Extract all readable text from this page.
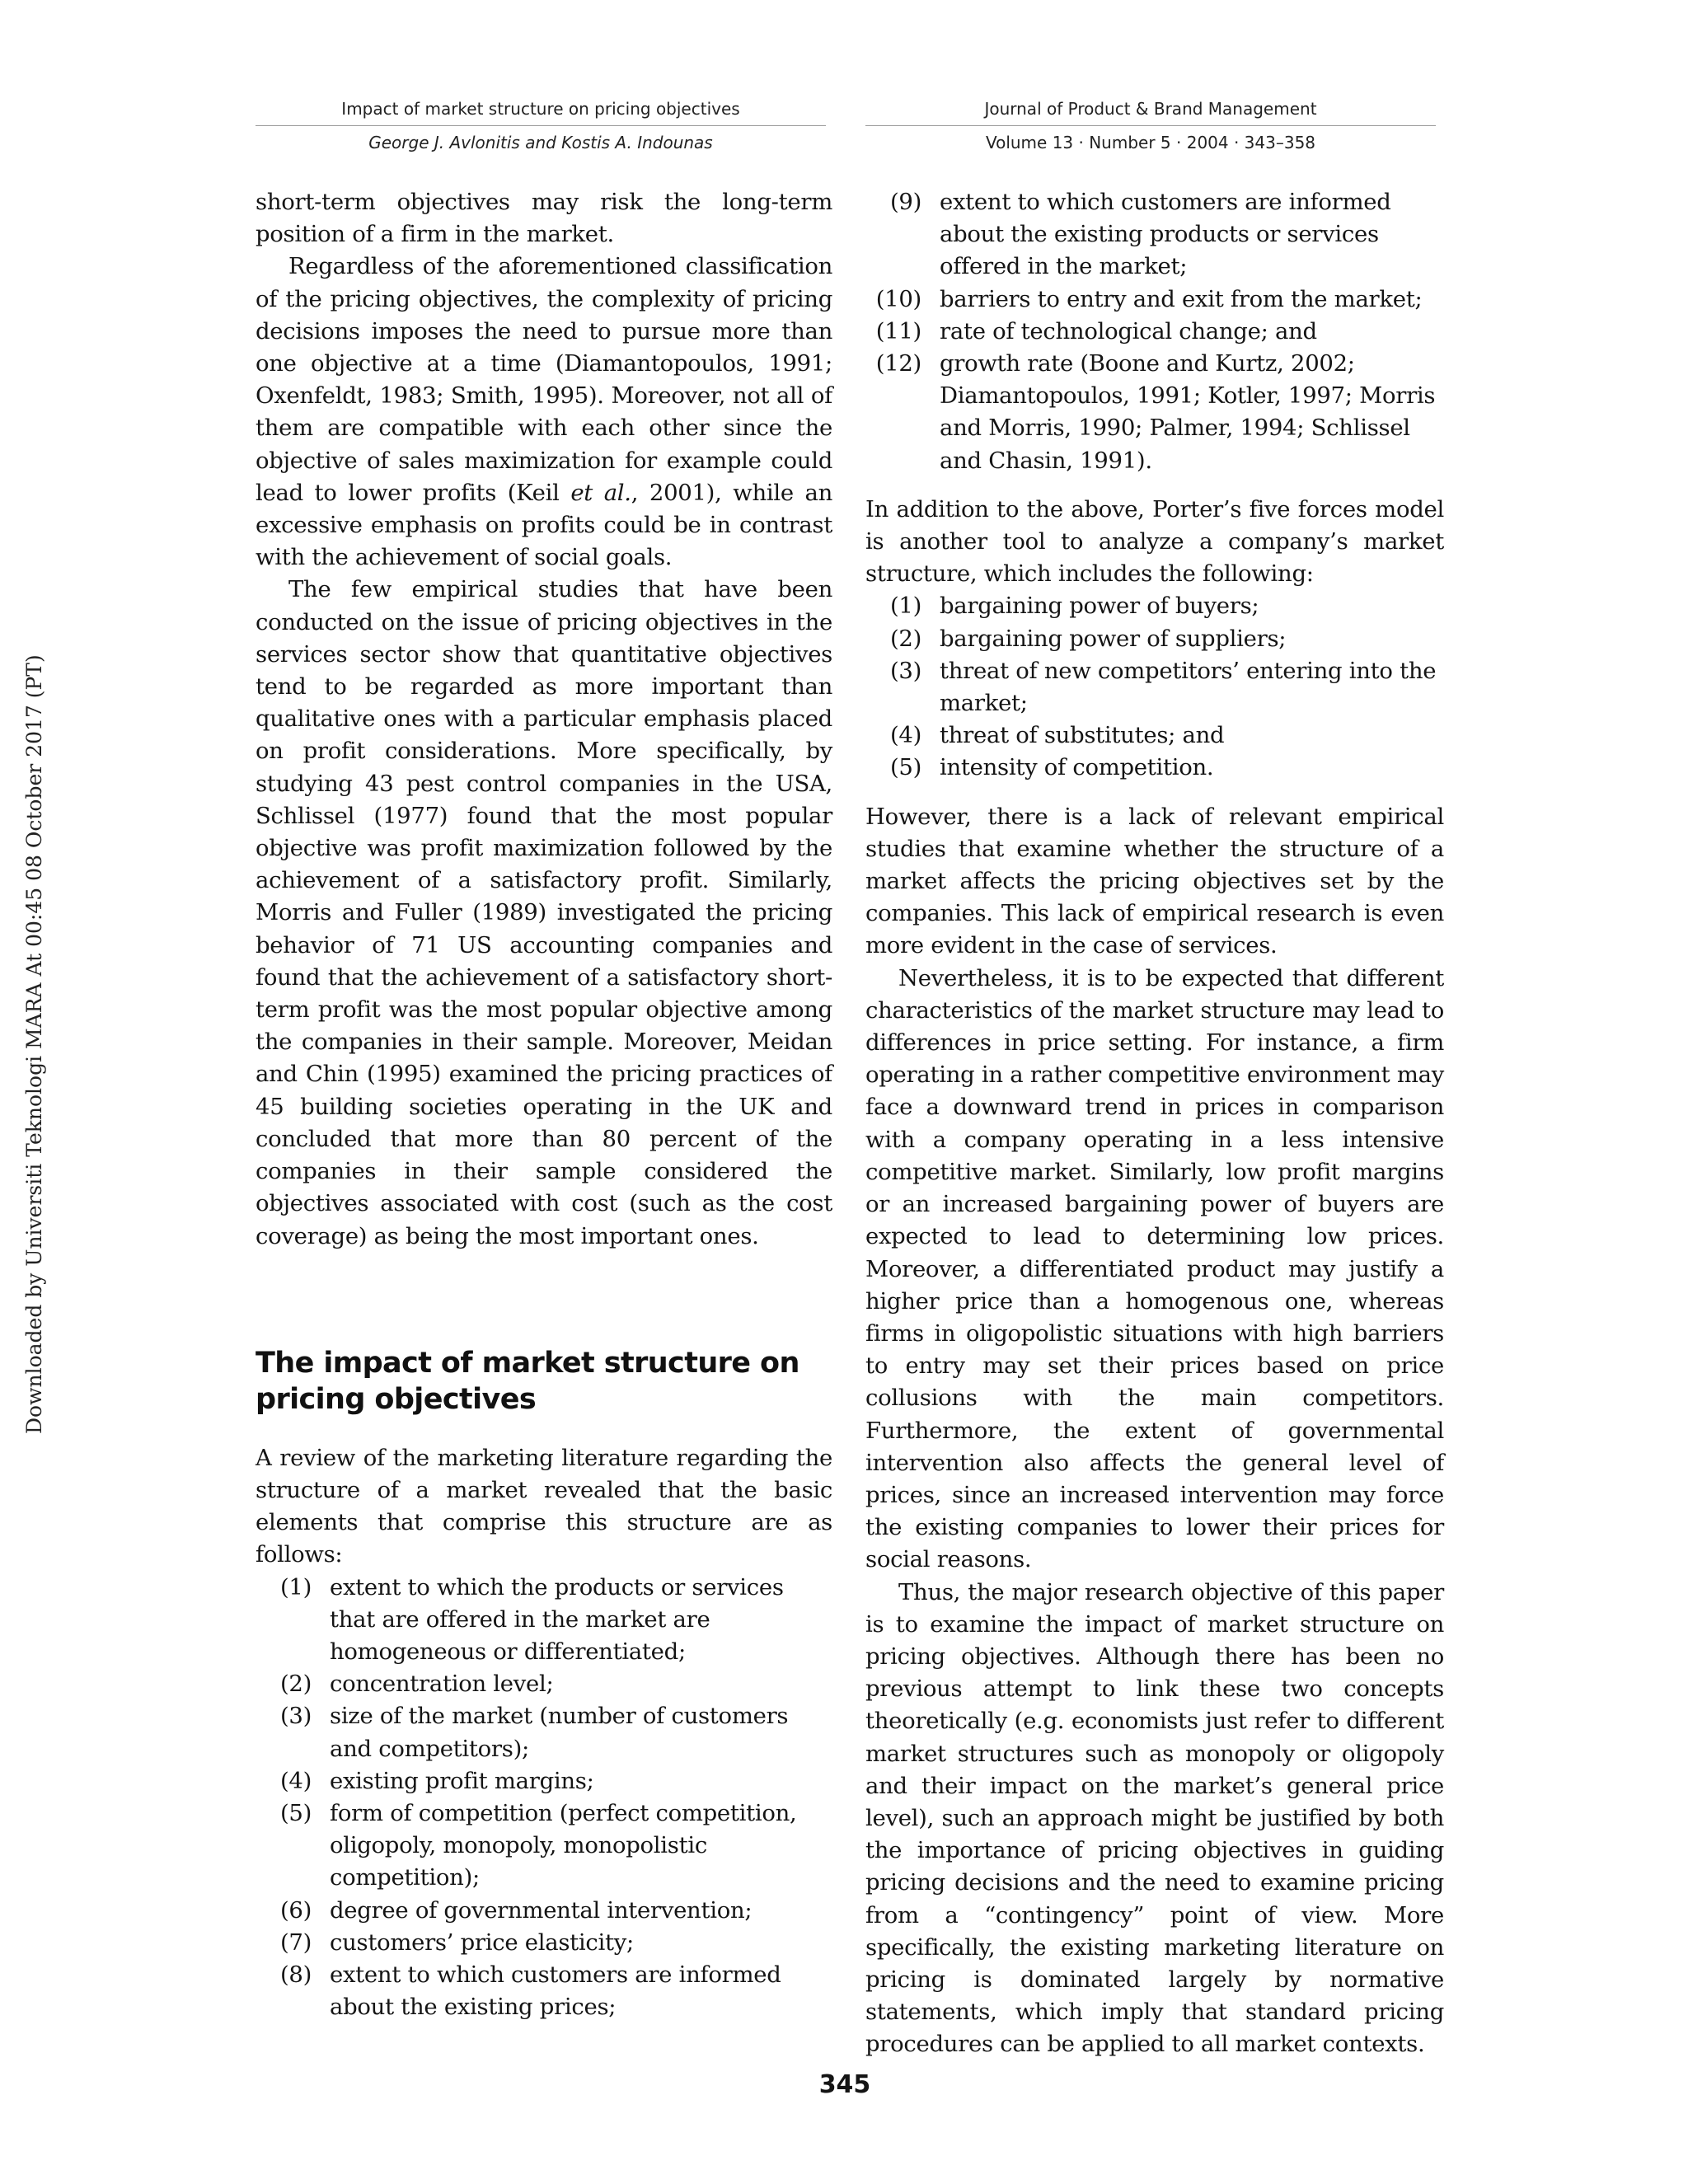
Impact of market structure on pricing objectives
George J. Avlonitis and Kostis A. Indounas
Journal of Product & Brand Management
Volume 13 · Number 5 · 2004 · 343–358
Downloaded by Universiti Teknologi MARA At 00:45 08 October 2017 (PT)

short-term objectives may risk the long-term position of a firm in the market.

Regardless of the aforementioned classification of the pricing objectives, the complexity of pricing decisions imposes the need to pursue more than one objective at a time (Diamantopoulos, 1991; Oxenfeldt, 1983; Smith, 1995). Moreover, not all of them are compatible with each other since the objective of sales maximization for example could lead to lower profits (Keil et al., 2001), while an excessive emphasis on profits could be in contrast with the achievement of social goals.

The few empirical studies that have been conducted on the issue of pricing objectives in the services sector show that quantitative objectives tend to be regarded as more important than qualitative ones with a particular emphasis placed on profit considerations. More specifically, by studying 43 pest control companies in the USA, Schlissel (1977) found that the most popular objective was profit maximization followed by the achievement of a satisfactory profit. Similarly, Morris and Fuller (1989) investigated the pricing behavior of 71 US accounting companies and found that the achievement of a satisfactory short-term profit was the most popular objective among the companies in their sample. Moreover, Meidan and Chin (1995) examined the pricing practices of 45 building societies operating in the UK and concluded that more than 80 percent of the companies in their sample considered the objectives associated with cost (such as the cost coverage) as being the most important ones.

The impact of market structure on pricing objectives

A review of the marketing literature regarding the structure of a market revealed that the basic elements that comprise this structure are as follows:

(1) extent to which the products or services that are offered in the market are homogeneous or differentiated;
(2) concentration level;
(3) size of the market (number of customers and competitors);
(4) existing profit margins;
(5) form of competition (perfect competition, oligopoly, monopoly, monopolistic competition);
(6) degree of governmental intervention;
(7) customers’ price elasticity;
(8) extent to which customers are informed about the existing prices;
(9) extent to which customers are informed about the existing products or services offered in the market;
(10) barriers to entry and exit from the market;
(11) rate of technological change; and
(12) growth rate (Boone and Kurtz, 2002; Diamantopoulos, 1991; Kotler, 1997; Morris and Morris, 1990; Palmer, 1994; Schlissel and Chasin, 1991).

In addition to the above, Porter’s five forces model is another tool to analyze a company’s market structure, which includes the following:

(1) bargaining power of buyers;
(2) bargaining power of suppliers;
(3) threat of new competitors’ entering into the market;
(4) threat of substitutes; and
(5) intensity of competition.

However, there is a lack of relevant empirical studies that examine whether the structure of a market affects the pricing objectives set by the companies. This lack of empirical research is even more evident in the case of services.

Nevertheless, it is to be expected that different characteristics of the market structure may lead to differences in price setting. For instance, a firm operating in a rather competitive environment may face a downward trend in prices in comparison with a company operating in a less intensive competitive market. Similarly, low profit margins or an increased bargaining power of buyers are expected to lead to determining low prices. Moreover, a differentiated product may justify a higher price than a homogenous one, whereas firms in oligopolistic situations with high barriers to entry may set their prices based on price collusions with the main competitors. Furthermore, the extent of governmental intervention also affects the general level of prices, since an increased intervention may force the existing companies to lower their prices for social reasons.

Thus, the major research objective of this paper is to examine the impact of market structure on pricing objectives. Although there has been no previous attempt to link these two concepts theoretically (e.g. economists just refer to different market structures such as monopoly or oligopoly and their impact on the market’s general price level), such an approach might be justified by both the importance of pricing objectives in guiding pricing decisions and the need to examine pricing from a “contingency” point of view. More specifically, the existing marketing literature on pricing is dominated largely by normative statements, which imply that standard pricing procedures can be applied to all market contexts.

345
